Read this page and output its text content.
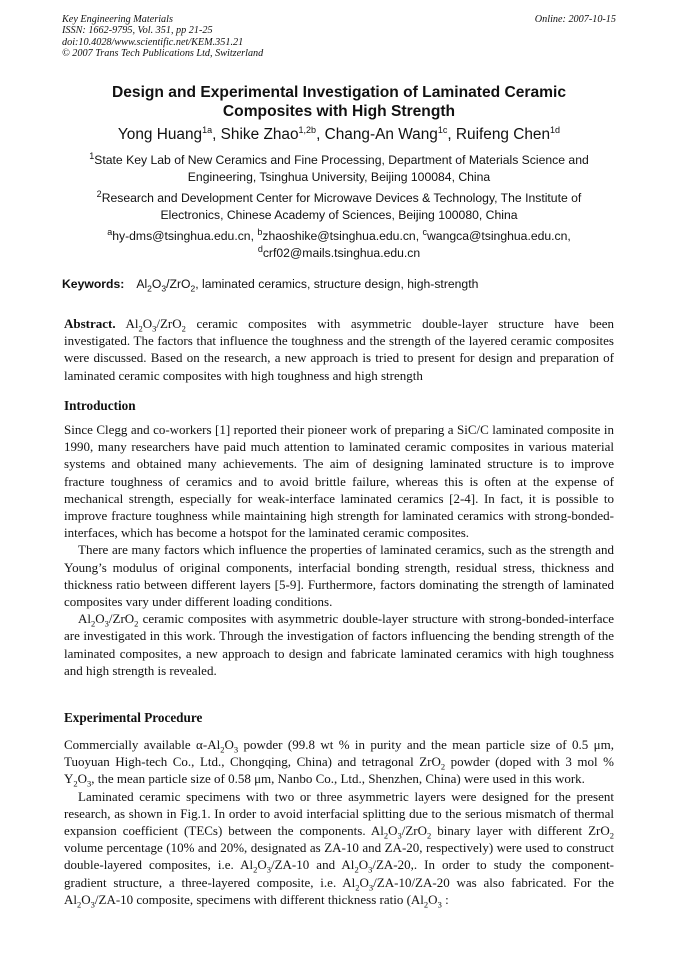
Key Engineering Materials
ISSN: 1662-9795, Vol. 351, pp 21-25
doi:10.4028/www.scientific.net/KEM.351.21
© 2007 Trans Tech Publications Ltd, Switzerland
Online: 2007-10-15
Design and Experimental Investigation of Laminated Ceramic
Composites with High Strength
Yong Huang$^{1a}$, Shike Zhao$^{1,2b}$, Chang-An Wang$^{1c}$, Ruifeng Chen$^{1d}$
$^1$State Key Lab of New Ceramics and Fine Processing, Department of Materials Science and
Engineering, Tsinghua University, Beijing 100084, China
$^2$Research and Development Center for Microwave Devices & Technology, The Institute of
Electronics, Chinese Academy of Sciences, Beijing 100080, China
$^a$hy-dms@tsinghua.edu.cn, $^b$zhaoshike@tsinghua.edu.cn, $^c$wangca@tsinghua.edu.cn,
$^d$crf02@mails.tsinghua.edu.cn
Keywords: $Al_2O_3/ZrO_2$, laminated ceramics, structure design, high-strength
Abstract. $Al_2O_3/ZrO_2$ ceramic composites with asymmetric double-layer structure have been investigated. The factors that influence the toughness and the strength of the layered ceramic composites were discussed. Based on the research, a new approach is tried to present for design and preparation of laminated ceramic composites with high toughness and high strength
Introduction

Since Clegg and co-workers [1] reported their pioneer work of preparing a SiC/C laminated composite in 1990, many researchers have paid much attention to laminated ceramic composites in various material systems and obtained many achievements. The aim of designing laminated structure is to improve fracture toughness of ceramics and to avoid brittle failure, whereas this is often at the expense of mechanical strength, especially for weak-interface laminated ceramics [2-4]. In fact, it is possible to improve fracture toughness while maintaining high strength for laminated ceramics with strong-bonded-interfaces, which has become a hotspot for the laminated ceramic composites.

There are many factors which influence the properties of laminated ceramics, such as the strength and Young’s modulus of original components, interfacial bonding strength, residual stress, thickness and thickness ratio between different layers [5-9]. Furthermore, factors dominating the strength of laminated composites vary under different loading conditions.

$Al_2O_3/ZrO_2$ ceramic composites with asymmetric double-layer structure with strong-bonded-interface are investigated in this work. Through the investigation of factors influencing the bending strength of the laminated composites, a new approach to design and fabricate laminated ceramics with high toughness and high strength is revealed.

Experimental Procedure

Commercially available $\alpha-Al_2O_3$ powder (99.8 wt % in purity and the mean particle size of 0.5 μm, Tuoyuan High-tech Co., Ltd., Chongqing, China) and tetragonal ZrO$_2$ powder (doped with 3 mol % $Y_2O_3$, the mean particle size of 0.58 μm, Nanbo Co., Ltd., Shenzhen, China) were used in this work.

Laminated ceramic specimens with two or three asymmetric layers were designed for the present research, as shown in Fig.1. In order to avoid interfacial splitting due to the serious mismatch of thermal expansion coefficient (TECs) between the components. $Al_2O_3/ZrO_2$ binary layer with different ZrO$_2$ volume percentage (10% and 20%, designated as ZA-10 and ZA-20, respectively) were used to construct double-layered composites, i.e. $Al_2O_3/ZA-10$ and $Al_2O_3/ZA-20$,. In order to study the component-gradient structure, a three-layered composite, i.e. $Al_2O_3/ZA-10/ZA-20$ was also fabricated. For the $Al_2O_3/ZA-10$ composite, specimens with different thickness ratio ($Al_2O_3$ :
